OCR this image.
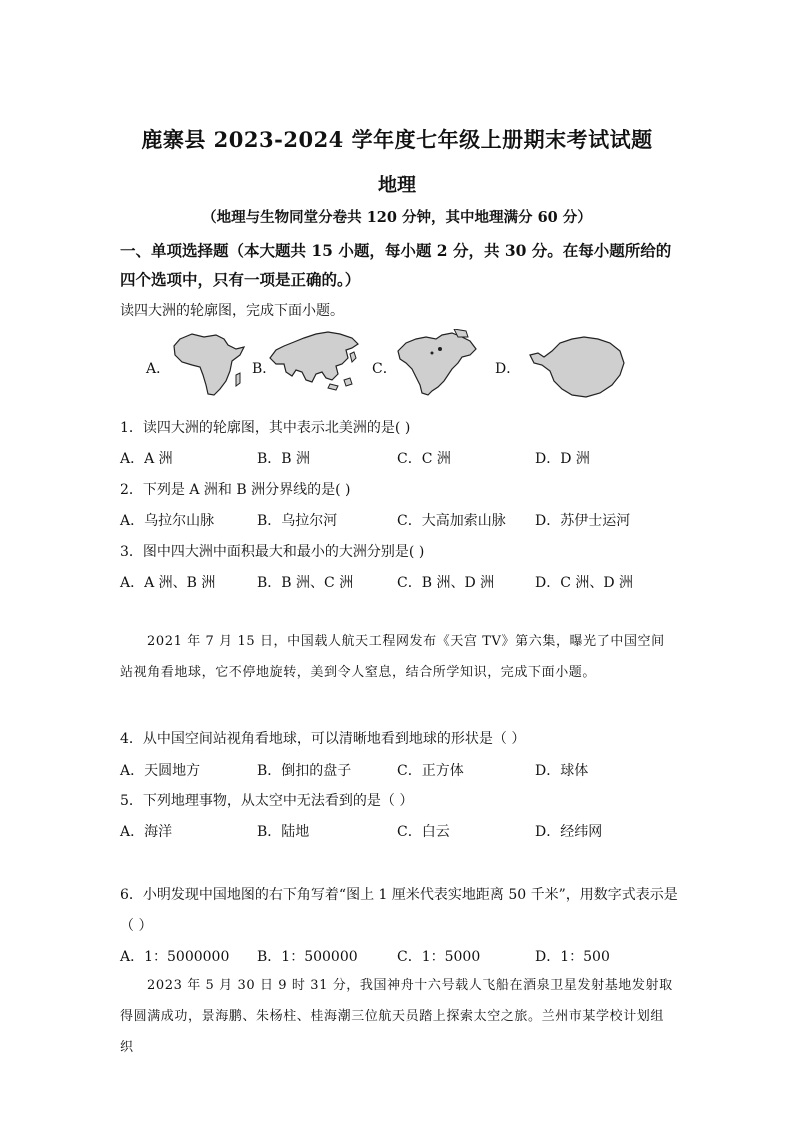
鹿寨县 2023-2024 学年度七年级上册期末考试试题
地理
（地理与生物同堂分卷共 120 分钟，其中地理满分 60 分）
一、单项选择题（本大题共 15 小题，每小题 2 分，共 30 分。在每小题所给的四个选项中，只有一项是正确的。）
读四大洲的轮廓图，完成下面小题。
A．	B．	C．	D．
1．读四大洲的轮廓图，其中表示北美洲的是( )
A．A 洲	B．B 洲	C．C 洲	D．D 洲
2．下列是 A 洲和 B 洲分界线的是( )
A．乌拉尔山脉	B．乌拉尔河	C．大高加索山脉 D．苏伊士运河
3．图中四大洲中面积最大和最小的大洲分别是( )
A．A 洲、B 洲	B．B 洲、C 洲	C．B 洲、D 洲	D．C 洲、D 洲
2021 年 7 月 15 日，中国载人航天工程网发布《天宫 TV》第六集，曝光了中国空间站视角看地球，它不停地旋转，美到令人窒息，结合所学知识，完成下面小题。
4．从中国空间站视角看地球，可以清晰地看到地球的形状是（ ）
A．天圆地方	B．倒扣的盘子	C．正方体	D．球体
5．下列地理事物，从太空中无法看到的是（ ）
A．海洋	B．陆地	C．白云	D．经纬网
6．小明发现中国地图的右下角写着“图上 1 厘米代表实地距离 50 千米”，用数字式表示是
（ ）
A．1：5000000 B．1：500000	C．1：5000	D．1：500
2023 年 5 月 30 日 9 时 31 分，我国神舟十六号载人飞船在酒泉卫星发射基地发射取得圆满成功，景海鹏、朱杨柱、桂海潮三位航天员踏上探索太空之旅。兰州市某学校计划组织
